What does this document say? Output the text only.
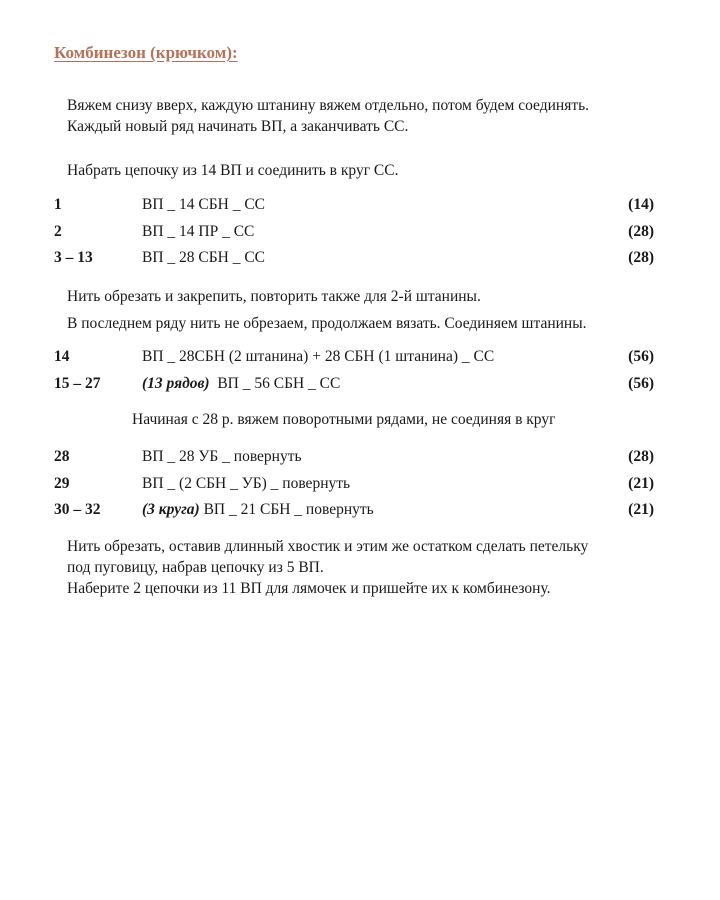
Комбинезон (крючком):
Вяжем снизу вверх, каждую штанину вяжем отдельно, потом будем соединять.
Каждый новый ряд начинать ВП, а заканчивать СС.
Набрать цепочку из 14 ВП и соединить в круг СС.
1	ВП _ 14 СБН _ СС	(14)
2	ВП _ 14 ПР _ СС	(28)
3 – 13	ВП _ 28 СБН _ СС	(28)
Нить обрезать и закрепить, повторить также для 2-й штанины.
В последнем ряду нить не обрезаем, продолжаем вязать. Соединяем штанины.
14	ВП _ 28СБН (2 штанина) + 28 СБН (1 штанина) _ СС	(56)
15 – 27	(13 рядов) ВП _ 56 СБН _ СС	(56)
Начиная с 28 р. вяжем поворотными рядами, не соединяя в круг
28	ВП _ 28 УБ _ повернуть	(28)
29	ВП _ (2 СБН _ УБ) _ повернуть	(21)
30 – 32	(3 круга) ВП _ 21 СБН _ повернуть	(21)
Нить обрезать, оставив длинный хвостик и этим же остатком сделать петельку
под пуговицу, набрав цепочку из 5 ВП.
Наберите 2 цепочки из 11 ВП для лямочек и пришейте их к комбинезону.
